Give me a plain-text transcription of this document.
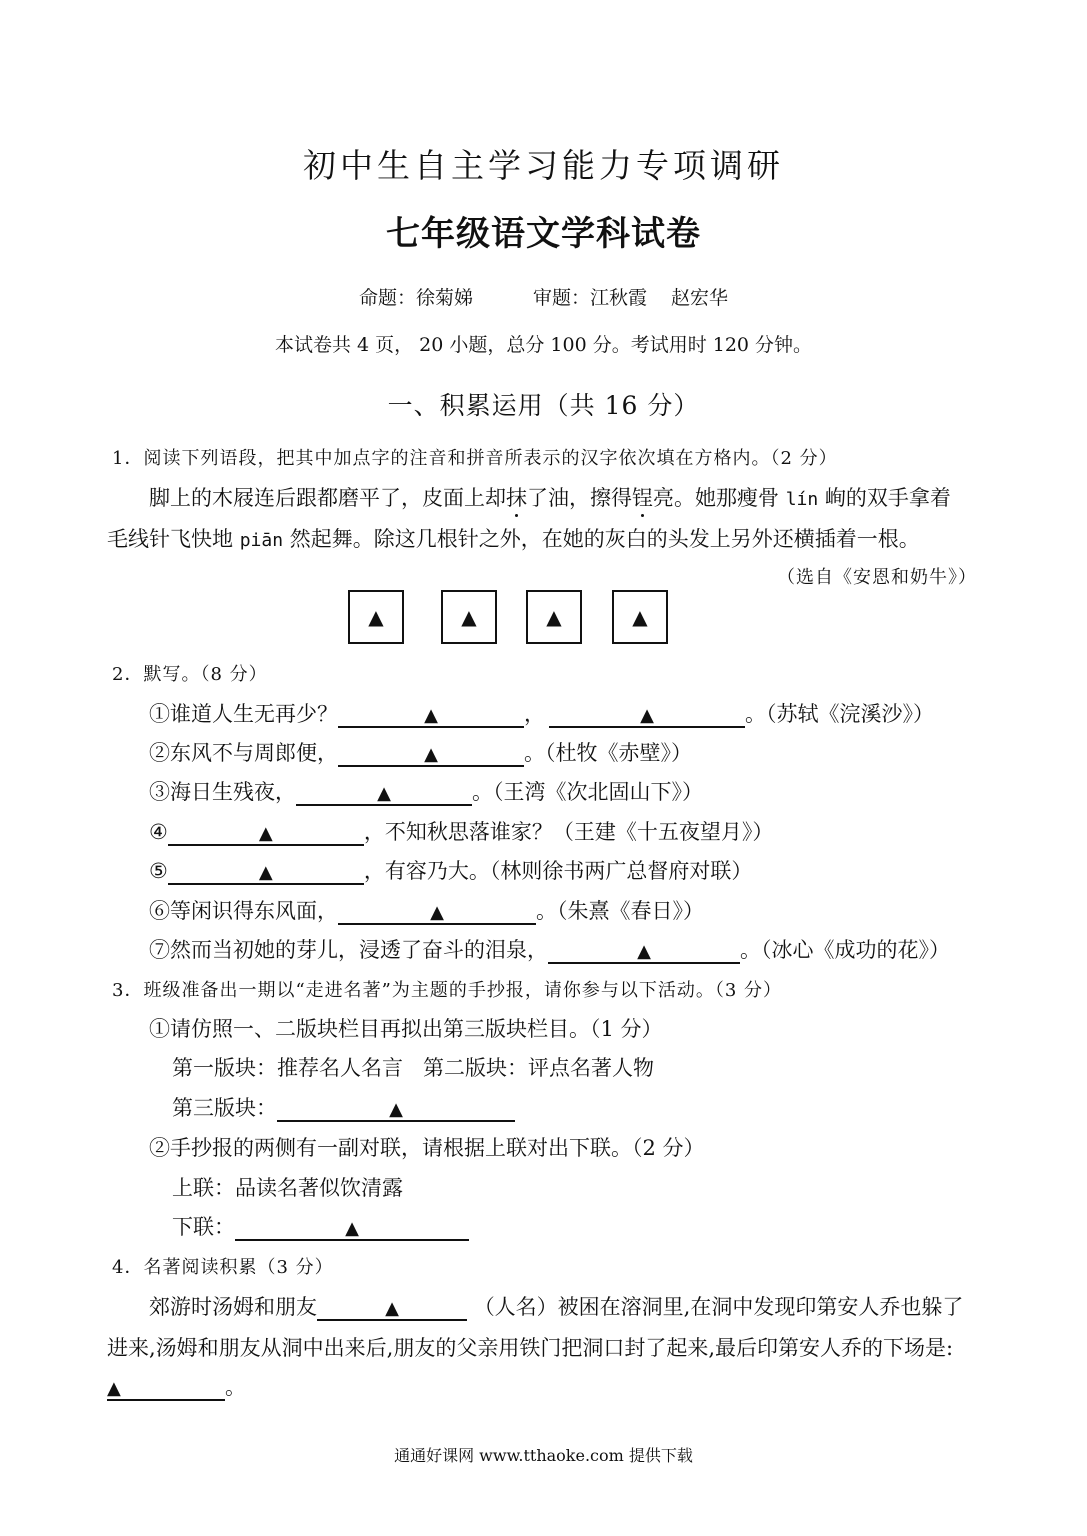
初中生自主学习能力专项调研
七年级语文学科试卷
命题：徐菊娣	审题：江秋霞 赵宏华
本试卷共 4 页， 20 小题，总分 100 分。考试用时 120 分钟。
一、积累运用（共 16 分）
1．阅读下列语段，把其中加点字的注音和拼音所表示的汉字依次填在方格内。（2 分）
脚上的木屐连后跟都磨平了，皮面上却抹了油，擦得锃亮。她那瘦骨 lín 峋的双手拿着
毛线针飞快地 piān 然起舞。除这几根针之外，在她的灰白的头发上另外还横插着一根。
（选自《安恩和奶牛》）
▲	▲	▲	▲
2．默写。（8 分）
①谁道人生无再少？	▲	，	▲	。（苏轼《浣溪沙》）
②东风不与周郎便，	▲	。（杜牧《赤壁》）
③海日生残夜，	▲	。（王湾《次北固山下》）
④	▲	，不知秋思落谁家？（王建《十五夜望月》）
⑤	▲	，有容乃大。（林则徐书两广总督府对联）
⑥等闲识得东风面，	▲	。（朱熹《春日》）
⑦然而当初她的芽儿，浸透了奋斗的泪泉，	▲	。（冰心《成功的花》）
3．班级准备出一期以“走进名著”为主题的手抄报，请你参与以下活动。（3 分）
①请仿照一、二版块栏目再拟出第三版块栏目。（1 分）
第一版块：推荐名人名言   第二版块：评点名著人物
第三版块：	▲
②手抄报的两侧有一副对联，请根据上联对出下联。（2 分）
上联：品读名著似饮清露
下联：	▲
4．名著阅读积累（3 分）
郊游时汤姆和朋友	▲	（人名）被困在溶洞里,在洞中发现印第安人乔也躲了
进来,汤姆和朋友从洞中出来后,朋友的父亲用铁门把洞口封了起来,最后印第安人乔的下场是:
▲	。
通通好课网 www.tthaoke.com 提供下载
